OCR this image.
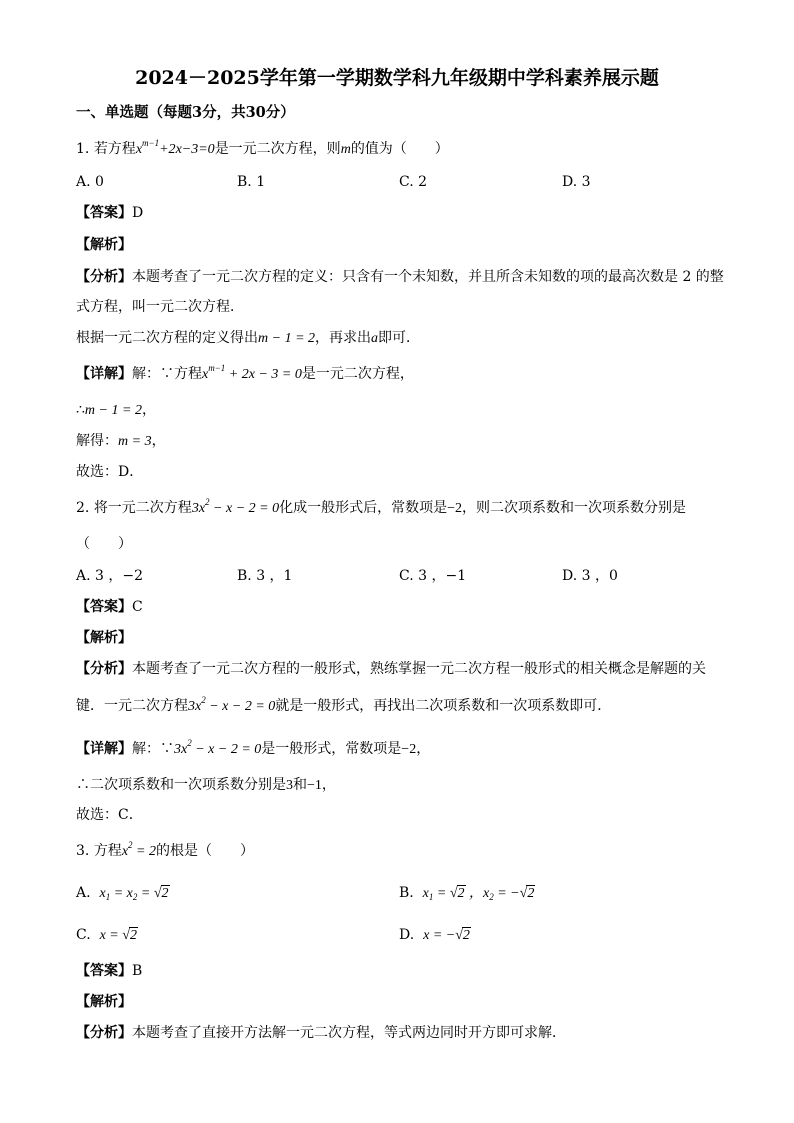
2024－2025学年第一学期数学科九年级期中学科素养展示题
一、单选题（每题3分，共30分）
1. 若方程$x^{m-1}+2x-3=0$是一元二次方程，则m的值为（　　）
A. 0	B. 1	C. 2	D. 3
【答案】D
【解析】
【分析】本题考查了一元二次方程的定义：只含有一个未知数，并且所含未知数的项的最高次数是 2 的整
式方程，叫一元二次方程．
根据一元二次方程的定义得出m − 1 = 2，再求出a即可．
【详解】解：∵方程$x^{m-1} + 2x - 3 = 0$是一元二次方程，
∴m − 1 = 2，
解得：m = 3，
故选：D．
2. 将一元二次方程$3x^2 - x - 2 = 0$化成一般形式后，常数项是−2，则二次项系数和一次项系数分别是
（　　）
A. 3 ，−2	B. 3 ，1	C. 3 ，−1	D. 3 ，0
【答案】C
【解析】
【分析】本题考查了一元二次方程的一般形式，熟练掌握一元二次方程一般形式的相关概念是解题的关
键．一元二次方程$3x^2 - x - 2 = 0$就是一般形式，再找出二次项系数和一次项系数即可．
【详解】解：$\because 3x^2 - x - 2 = 0$是一般形式，常数项是−2，
∴二次项系数和一次项系数分别是3和−1，
故选：C．
3. 方程$x^2 = 2$的根是（　　）
A. $x_1 = x_2 = √2$	B. $x_1 = √2$ ，$x_2 = -√2$
C. x = √2	D. x = −√2
【答案】B
【解析】
【分析】本题考查了直接开方法解一元二次方程，等式两边同时开方即可求解．
